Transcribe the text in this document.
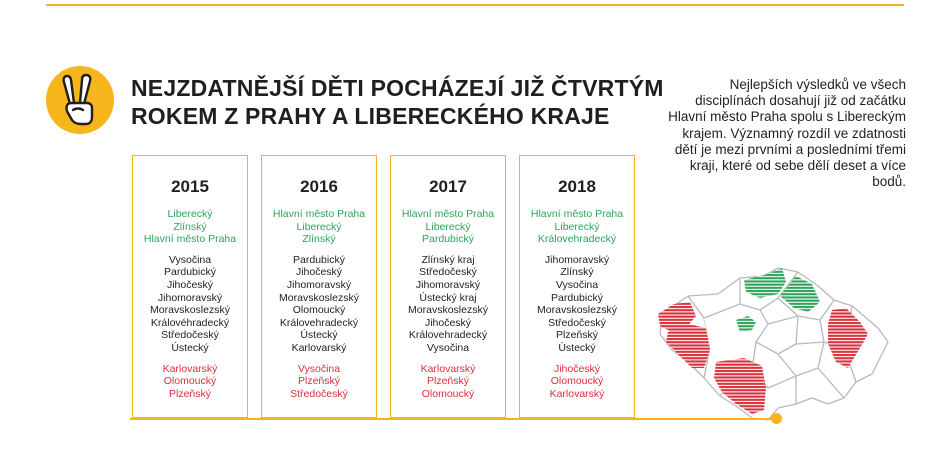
NEJZDATNĚJŠÍ DĚTI POCHÁZEJÍ JIŽ ČTVRTÝM
ROKEM Z PRAHY A LIBERECKÉHO KRAJE
Nejlepších výsledků ve všech disciplínách dosahují již od začátku Hlavní město Praha spolu s Libereckým krajem. Významný rozdíl ve zdatnosti dětí je mezi prvními a posledními třemi kraji, které od sebe dělí deset a více bodů.
2015
Liberecký
Zlínský
Hlavní město Praha
Vysočina
Pardubický
Jihočeský
Jihomoravský
Moravskoslezský
Královéhradecký
Středočeský
Ústecký
Karlovarský
Olomoucký
Plzeňský
2016
Hlavní město Praha
Liberecký
Zlínský
Pardubický
Jihočeský
Jihomoravský
Moravskoslezský
Olomoucký
Královehradecký
Ústecký
Karlovarský
Vysočina
Plzeňský
Středočeský
2017
Hlavní město Praha
Liberecký
Pardubický
Zlínský kraj
Středočeský
Jihomoravský
Ústecký kraj
Moravskoslezský
Jihočeský
Královehradecký
Vysočina
Karlovarský
Plzeňský
Olomoucký
2018
Hlavní město Praha
Liberecký
Královehradecký
Jihomoravský
Zlínský
Vysočina
Pardubický
Moravskoslezský
Středočeský
Plzeňský
Ústecký
Jihočeský
Olomoucký
Karlovarský
